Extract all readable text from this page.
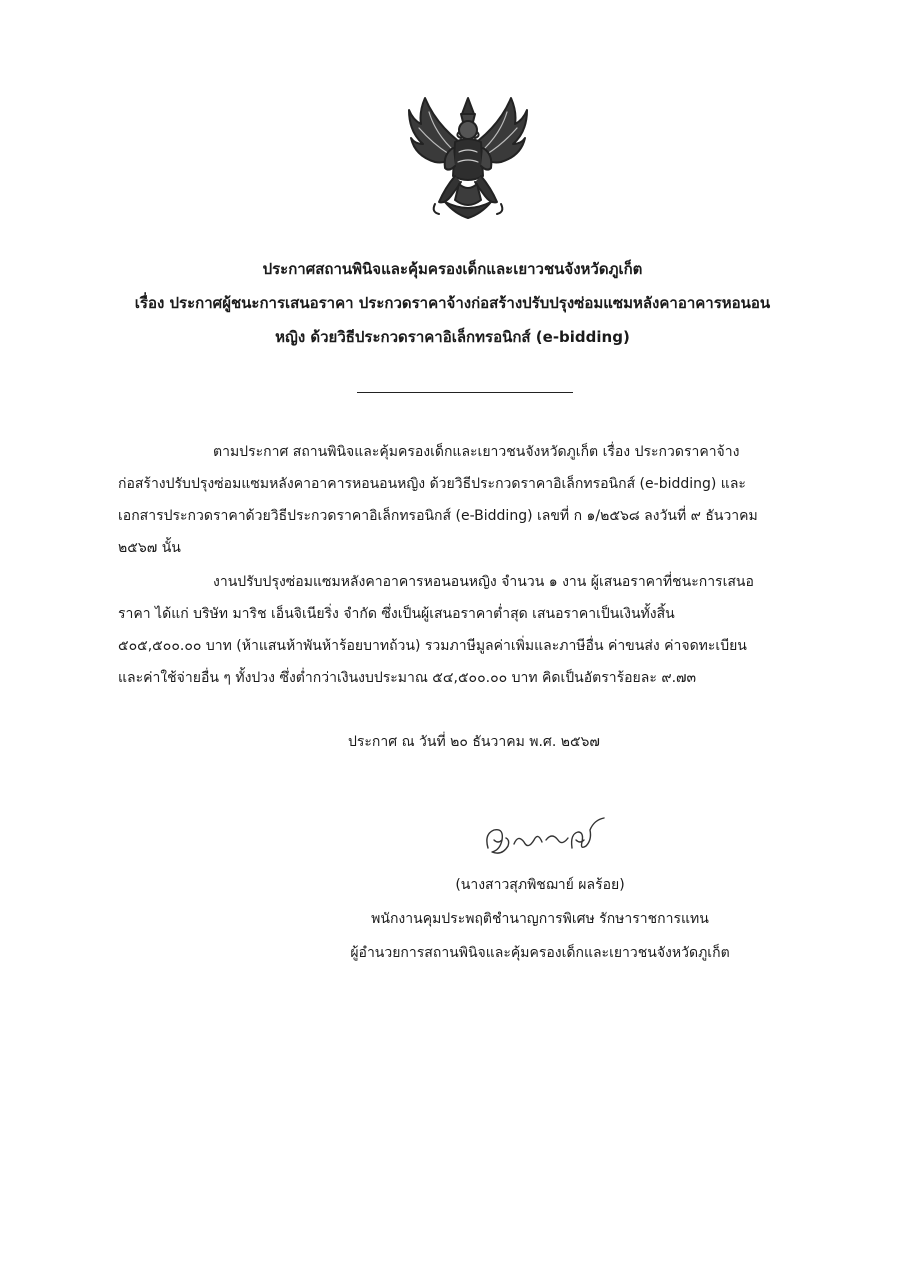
ประกาศสถานพินิจและคุ้มครองเด็กและเยาวชนจังหวัดภูเก็ต
เรื่อง ประกาศผู้ชนะการเสนอราคา ประกวดราคาจ้างก่อสร้างปรับปรุงซ่อมแซมหลังคาอาคารหอนอน
หญิง ด้วยวิธีประกวดราคาอิเล็กทรอนิกส์ (e-bidding)
ตามประกาศ สถานพินิจและคุ้มครองเด็กและเยาวชนจังหวัดภูเก็ต เรื่อง ประกวดราคาจ้าง
ก่อสร้างปรับปรุงซ่อมแซมหลังคาอาคารหอนอนหญิง ด้วยวิธีประกวดราคาอิเล็กทรอนิกส์ (e-bidding) และ
เอกสารประกวดราคาด้วยวิธีประกวดราคาอิเล็กทรอนิกส์ (e-Bidding) เลขที่ ก ๑/๒๕๖๘ ลงวันที่ ๙ ธันวาคม
๒๕๖๗ นั้น
งานปรับปรุงซ่อมแซมหลังคาอาคารหอนอนหญิง จำนวน ๑ งาน ผู้เสนอราคาที่ชนะการเสนอ
ราคา ได้แก่ บริษัท มาริช เอ็นจิเนียริ่ง จำกัด ซึ่งเป็นผู้เสนอราคาต่ำสุด เสนอราคาเป็นเงินทั้งสิ้น
๕๐๕,๕๐๐.๐๐ บาท (ห้าแสนห้าพันห้าร้อยบาทถ้วน) รวมภาษีมูลค่าเพิ่มและภาษีอื่น ค่าขนส่ง ค่าจดทะเบียน
และค่าใช้จ่ายอื่น ๆ ทั้งปวง ซึ่งต่ำกว่าเงินงบประมาณ ๕๔,๕๐๐.๐๐ บาท คิดเป็นอัตราร้อยละ ๙.๗๓
ประกาศ ณ วันที่ ๒๐ ธันวาคม พ.ศ. ๒๕๖๗
(นางสาวสุภพิชฌาย์ ผลร้อย)
พนักงานคุมประพฤติชำนาญการพิเศษ รักษาราชการแทน
ผู้อำนวยการสถานพินิจและคุ้มครองเด็กและเยาวชนจังหวัดภูเก็ต
